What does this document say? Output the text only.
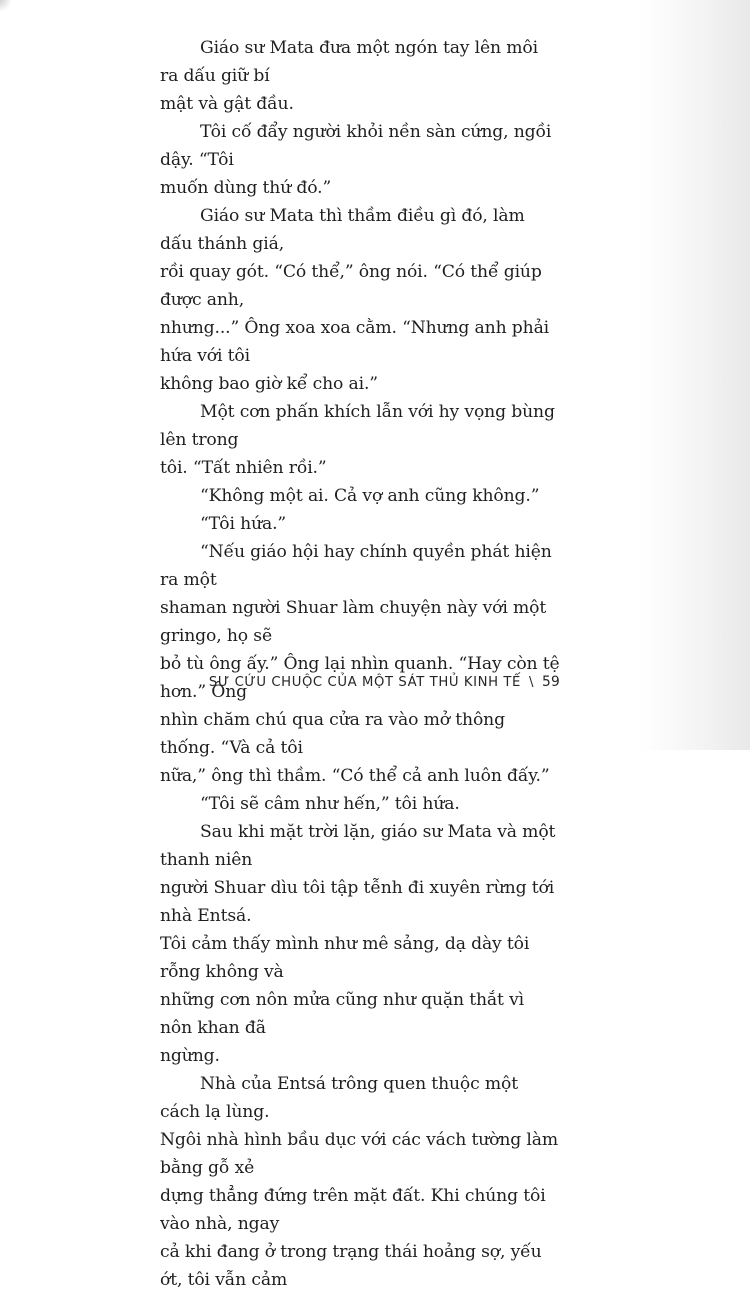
Giáo sư Mata đưa một ngón tay lên môi ra dấu giữ bí
mật và gật đầu.

Tôi cố đẩy người khỏi nền sàn cứng, ngồi dậy. “Tôi
muốn dùng thứ đó.”

Giáo sư Mata thì thầm điều gì đó, làm dấu thánh giá,
rồi quay gót. “Có thể,” ông nói. “Có thể giúp được anh,
nhưng...” Ông xoa xoa cằm. “Nhưng anh phải hứa với tôi
không bao giờ kể cho ai.”

Một cơn phấn khích lẫn với hy vọng bùng lên trong
tôi. “Tất nhiên rồi.”

“Không một ai. Cả vợ anh cũng không.”

“Tôi hứa.”

“Nếu giáo hội hay chính quyền phát hiện ra một
shaman người Shuar làm chuyện này với một gringo, họ sẽ
bỏ tù ông ấy.” Ông lại nhìn quanh. “Hay còn tệ hơn.” Ông
nhìn chăm chú qua cửa ra vào mở thông thống. “Và cả tôi
nữa,” ông thì thầm. “Có thể cả anh luôn đấy.”

“Tôi sẽ câm như hến,” tôi hứa.

Sau khi mặt trời lặn, giáo sư Mata và một thanh niên
người Shuar dìu tôi tập tễnh đi xuyên rừng tới nhà Entsá.
Tôi cảm thấy mình như mê sảng, dạ dày tôi rỗng không và
những cơn nôn mửa cũng như quặn thắt vì nôn khan đã
ngừng.

Nhà của Entsá trông quen thuộc một cách lạ lùng.
Ngôi nhà hình bầu dục với các vách tường làm bằng gỗ xẻ
dựng thẳng đứng trên mặt đất. Khi chúng tôi vào nhà, ngay
cả khi đang ở trong trạng thái hoảng sợ, yếu ớt, tôi vẫn cảm

SỰ CỨU CHUỘC CỦA MỘT SÁT THỦ KINH TẾ \ 59
